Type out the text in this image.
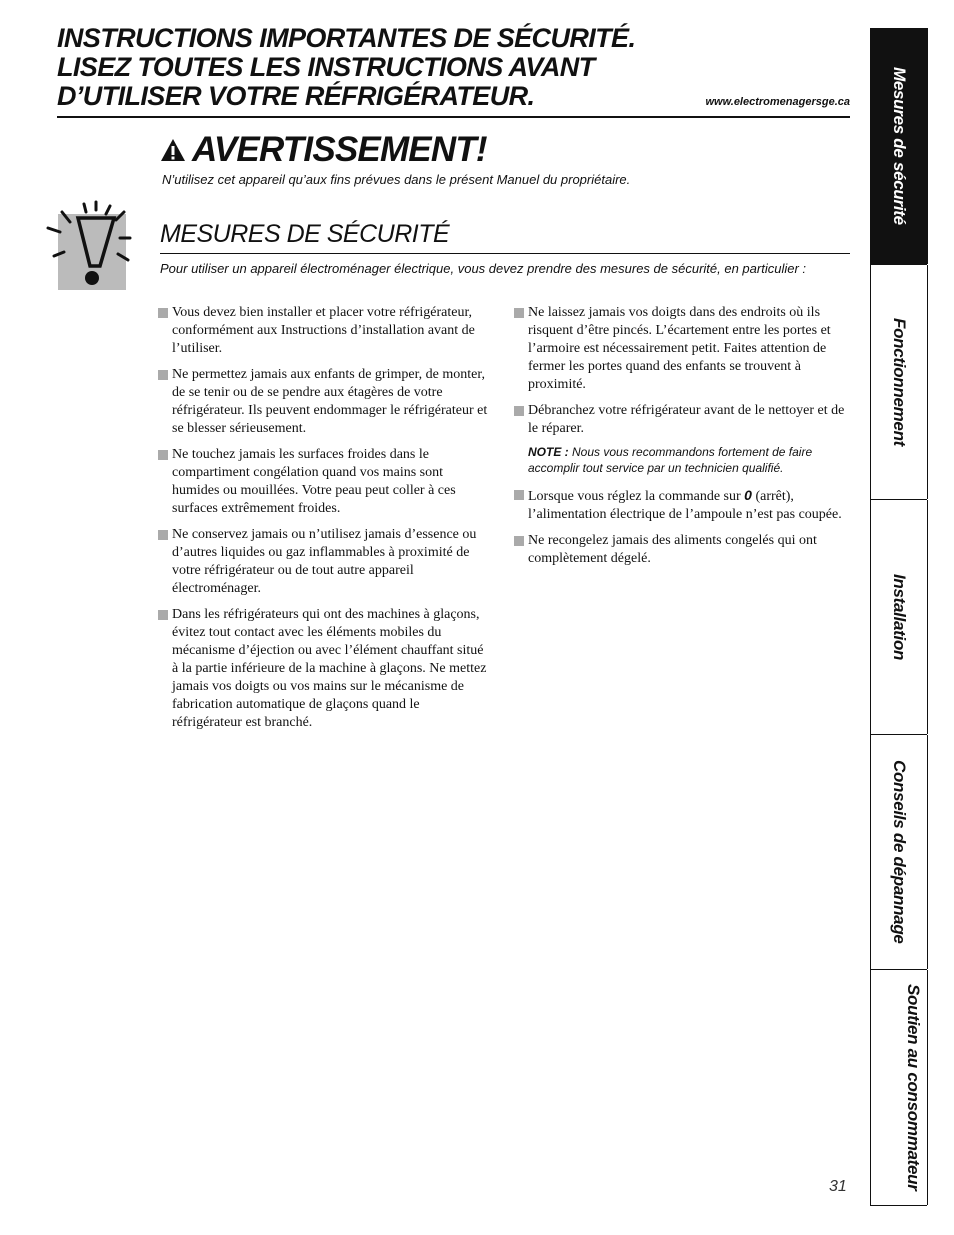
INSTRUCTIONS IMPORTANTES DE SÉCURITÉ.
LISEZ TOUTES LES INSTRUCTIONS AVANT
D’UTILISER VOTRE RÉFRIGÉRATEUR.	www.electromenagersge.ca
AVERTISSEMENT!
N’utilisez cet appareil qu’aux fins prévues dans le présent Manuel du propriétaire.
MESURES DE SÉCURITÉ
Pour utiliser un appareil électroménager électrique, vous devez prendre des mesures de sécurité, en particulier :
Vous devez bien installer et placer votre réfrigérateur, conformément aux Instructions d’installation avant de l’utiliser.
Ne permettez jamais aux enfants de grimper, de monter, de se tenir ou de se pendre aux étagères de votre réfrigérateur. Ils peuvent endommager le réfrigérateur et se blesser sérieusement.
Ne touchez jamais les surfaces froides dans le compartiment congélation quand vos mains sont humides ou mouillées. Votre peau peut coller à ces surfaces extrêmement froides.
Ne conservez jamais ou n’utilisez jamais d’essence ou d’autres liquides ou gaz inflammables à proximité de votre réfrigérateur ou de tout autre appareil électroménager.
Dans les réfrigérateurs qui ont des machines à glaçons, évitez tout contact avec les éléments mobiles du mécanisme d’éjection ou avec l’élément chauffant situé à la partie inférieure de la machine à glaçons. Ne mettez jamais vos doigts ou vos mains sur le mécanisme de fabrication automatique de glaçons quand le réfrigérateur est branché.
Ne laissez jamais vos doigts dans des endroits où ils risquent d’être pincés. L’écartement entre les portes et l’armoire est nécessairement petit. Faites attention de fermer les portes quand des enfants se trouvent à proximité.
Débranchez votre réfrigérateur avant de le nettoyer et de le réparer.
NOTE : Nous vous recommandons fortement de faire accomplir tout service par un technicien qualifié.
Lorsque vous réglez la commande sur 0 (arrêt), l’alimentation électrique de l’ampoule n’est pas coupée.
Ne recongelez jamais des aliments congelés qui ont complètement dégelé.
Mesures de sécurité
Fonctionnement
Installation
Conseils de dépannage
Soutien au consommateur
31
